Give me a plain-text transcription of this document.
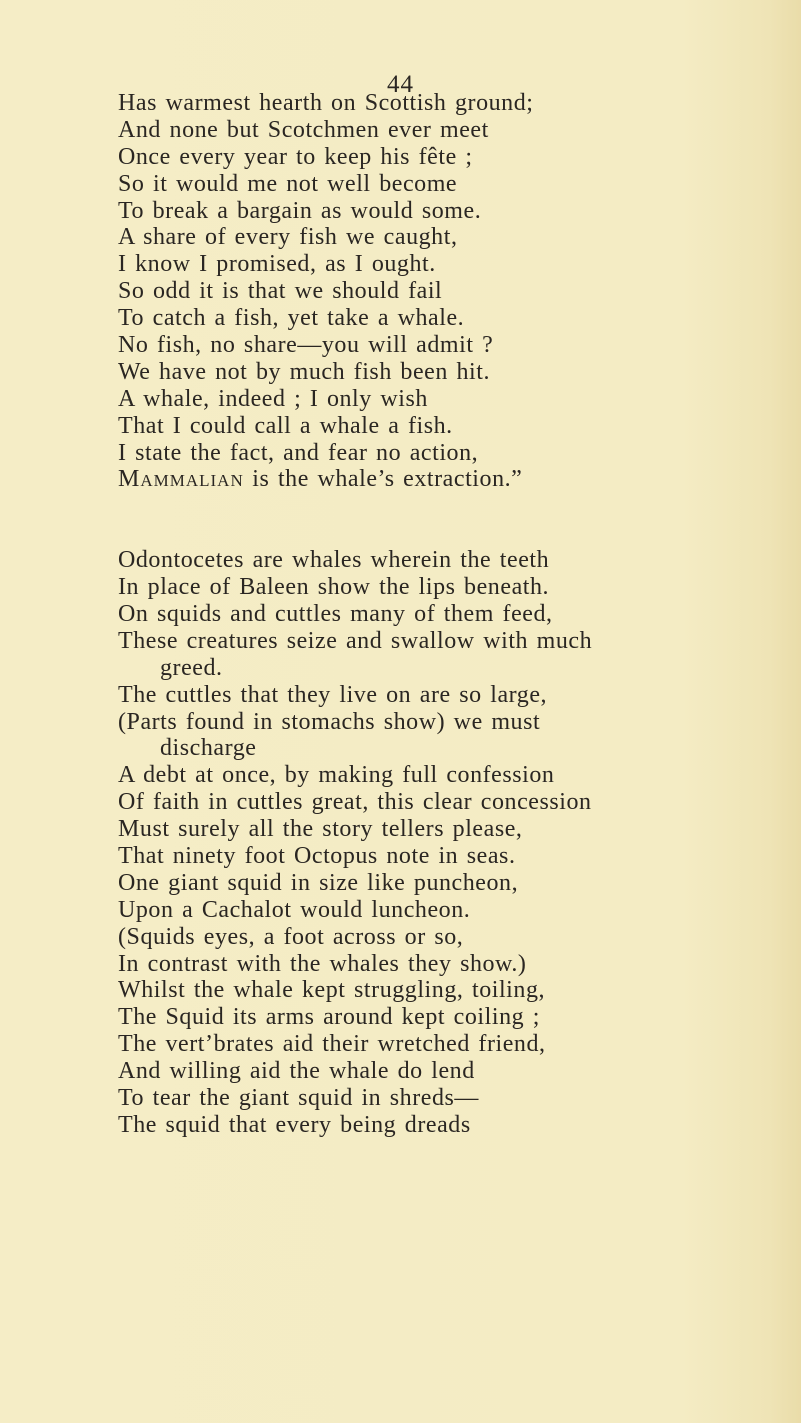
44
Has warmest hearth on Scottish ground;
And none but Scotchmen ever meet
Once every year to keep his fête ;
So it would me not well become
To break a bargain as would some.
A share of every fish we caught,
I know I promised, as I ought.
So odd it is that we should fail
To catch a fish, yet take a whale.
No fish, no share—you will admit ?
We have not by much fish been hit.
A whale, indeed ; I only wish
That I could call a whale a fish.
I state the fact, and fear no action,
Mammalian is the whale’s extraction.”
Odontocetes are whales wherein the teeth
In place of Baleen show the lips beneath.
On squids and cuttles many of them feed,
These creatures seize and swallow with much
greed.
The cuttles that they live on are so large,
(Parts found in stomachs show) we must
discharge
A debt at once, by making full confession
Of faith in cuttles great, this clear concession
Must surely all the story tellers please,
That ninety foot Octopus note in seas.
One giant squid in size like puncheon,
Upon a Cachalot would luncheon.
(Squids eyes, a foot across or so,
In contrast with the whales they show.)
Whilst the whale kept struggling, toiling,
The Squid its arms around kept coiling ;
The vert’brates aid their wretched friend,
And willing aid the whale do lend
To tear the giant squid in shreds—
The squid that every being dreads
